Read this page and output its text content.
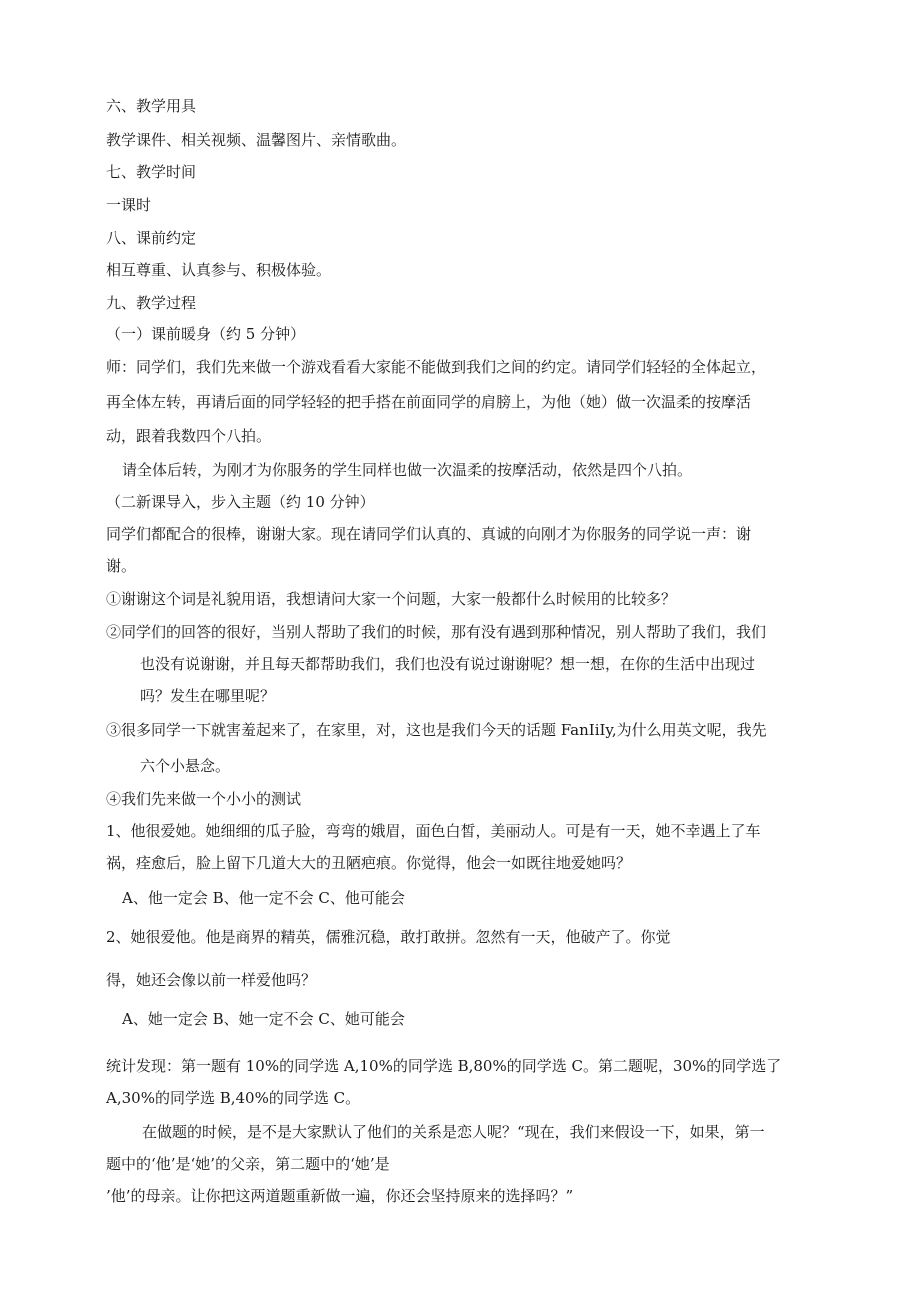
六、教学用具
教学课件、相关视频、温馨图片、亲情歌曲。
七、教学时间
一课时
八、课前约定
相互尊重、认真参与、积极体验。
九、教学过程
（一）课前暖身（约 5 分钟）
师：同学们，我们先来做一个游戏看看大家能不能做到我们之间的约定。请同学们轻轻的全体起立，
再全体左转，再请后面的同学轻轻的把手搭在前面同学的肩膀上，为他（她）做一次温柔的按摩活
动，跟着我数四个八拍。
请全体后转，为刚才为你服务的学生同样也做一次温柔的按摩活动，依然是四个八拍。
（二新课导入，步入主题（约 10 分钟）
同学们都配合的很棒，谢谢大家。现在请同学们认真的、真诚的向刚才为你服务的同学说一声：谢
谢。
①谢谢这个词是礼貌用语，我想请问大家一个问题，大家一般都什么时候用的比较多？
②同学们的回答的很好，当别人帮助了我们的时候，那有没有遇到那种情况，别人帮助了我们，我们
也没有说谢谢，并且每天都帮助我们，我们也没有说过谢谢呢？想一想，在你的生活中出现过
吗？发生在哪里呢？
③很多同学一下就害羞起来了，在家里，对，这也是我们今天的话题 FanIiIy,为什么用英文呢，我先
六个小悬念。
④我们先来做一个小小的测试
1、他很爱她。她细细的瓜子脸，弯弯的娥眉，面色白皙，美丽动人。可是有一天，她不幸遇上了车
祸，痊愈后，脸上留下几道大大的丑陋疤痕。你觉得，他会一如既往地爱她吗？
A、他一定会 B、他一定不会 C、他可能会
2、她很爱他。他是商界的精英，儒雅沉稳，敢打敢拼。忽然有一天，他破产了。你觉
得，她还会像以前一样爱他吗？
A、她一定会 B、她一定不会 C、她可能会
统计发现：第一题有 10%的同学选 A,10%的同学选 B,80%的同学选 C。第二题呢，30%的同学选了
A,30%的同学选 B,40%的同学选 C。
在做题的时候，是不是大家默认了他们的关系是恋人呢？“现在，我们来假设一下，如果，第一
题中的‘他’是‘她’的父亲，第二题中的‘她’是
’他’的母亲。让你把这两道题重新做一遍，你还会坚持原来的选择吗？”
